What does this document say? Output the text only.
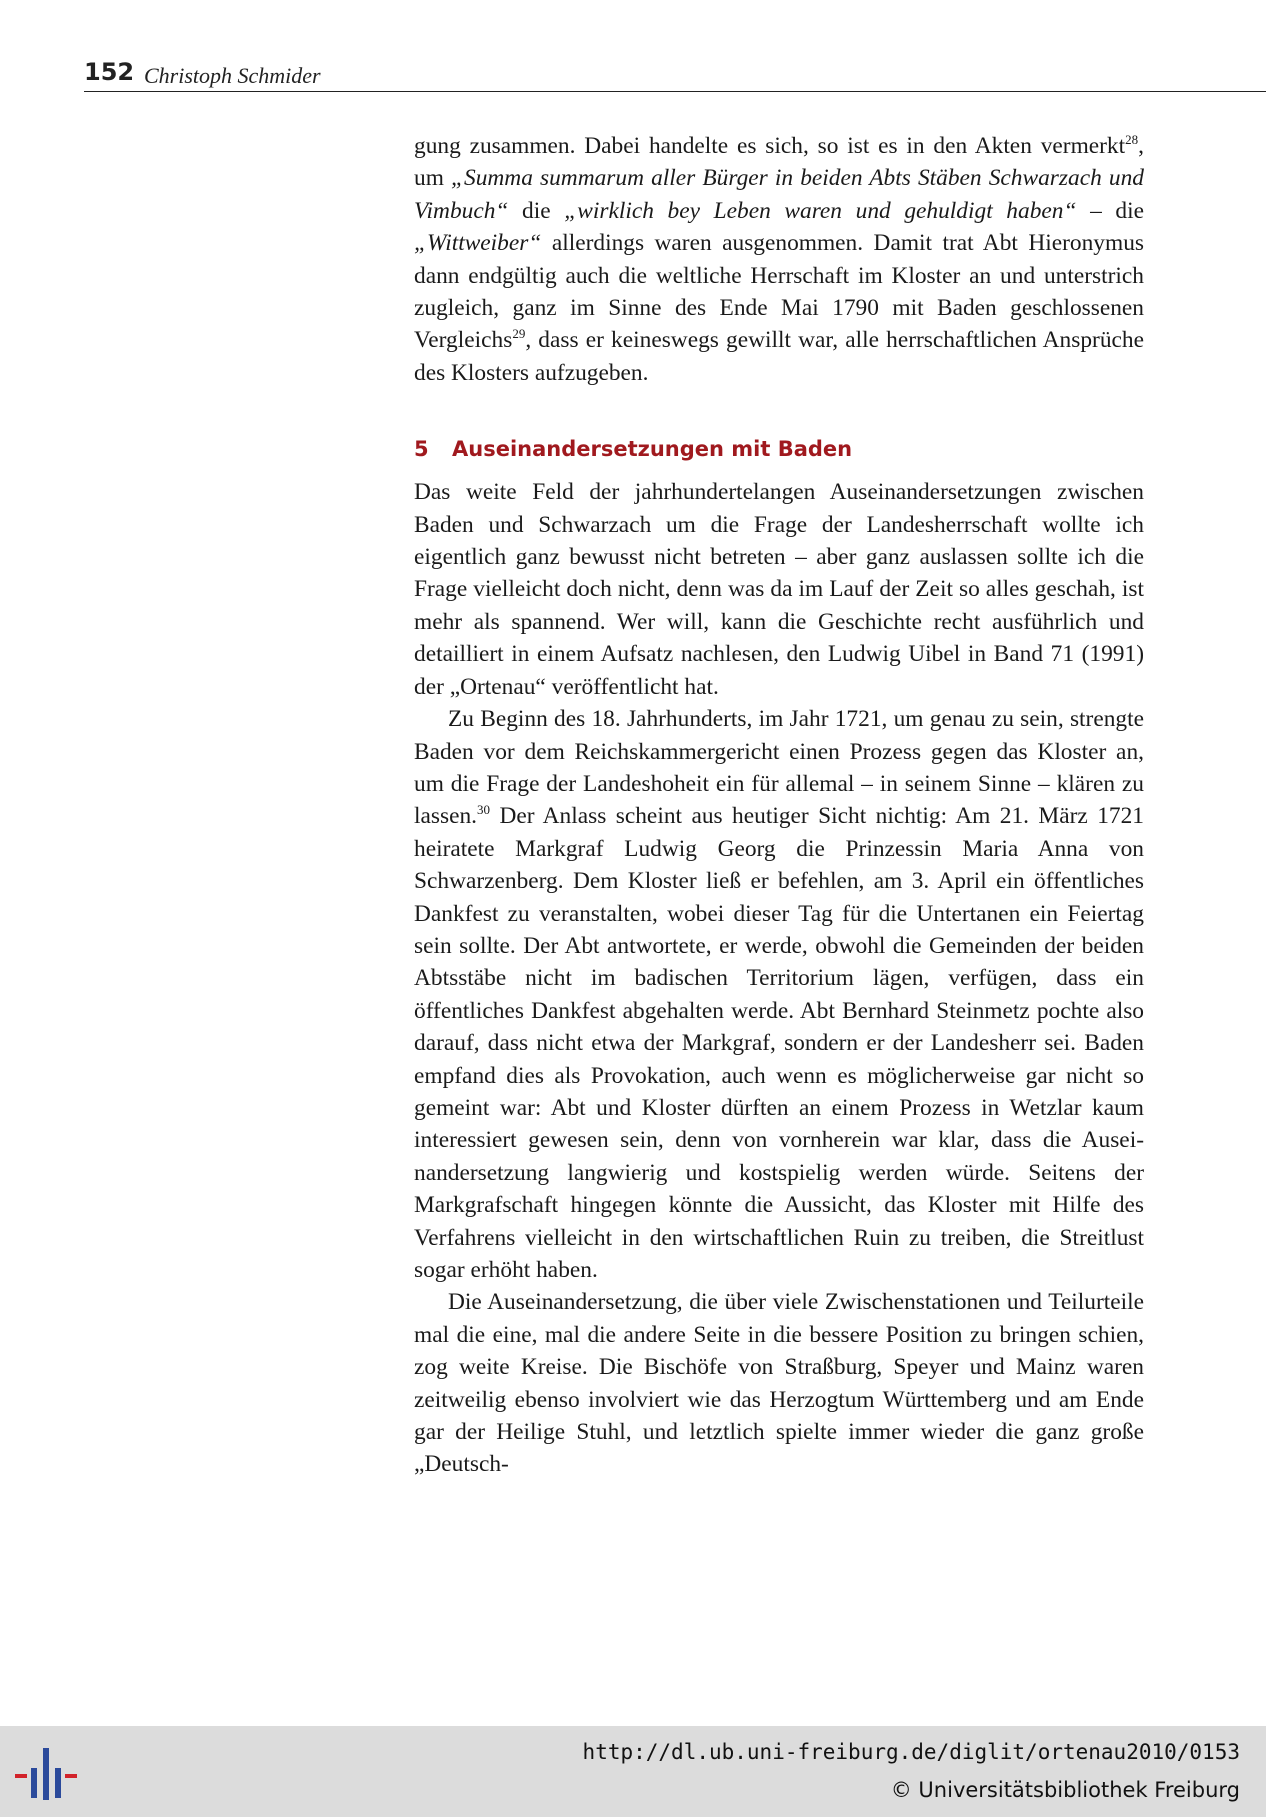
152 Christoph Schmider

gung zusammen. Dabei handelte es sich, so ist es in den Akten vermerkt$^{28}$, um „Summa summarum aller Bürger in beiden Abts Stäben Schwarzach und Vimbuch“ die „wirklich bey Leben waren und gehuldigt haben“ – die „Wittweiber“ allerdings waren ausgenommen. Damit trat Abt Hieronymus dann endgültig auch die weltliche Herrschaft im Kloster an und unterstrich zugleich, ganz im Sinne des Ende Mai 1790 mit Baden geschlossenen Vergleichs$^{29}$, dass er keineswegs gewillt war, alle herrschaftlichen Ansprüche des Klosters aufzugeben.

5 Auseinandersetzungen mit Baden

Das weite Feld der jahrhundertelangen Auseinandersetzungen zwischen Baden und Schwarzach um die Frage der Landesherrschaft wollte ich eigentlich ganz bewusst nicht betreten – aber ganz auslassen sollte ich die Frage vielleicht doch nicht, denn was da im Lauf der Zeit so alles geschah, ist mehr als spannend. Wer will, kann die Geschichte recht ausführlich und detailliert in einem Aufsatz nachlesen, den Ludwig Uibel in Band 71 (1991) der „Ortenau“ veröffentlicht hat.

Zu Beginn des 18. Jahrhunderts, im Jahr 1721, um genau zu sein, strengte Baden vor dem Reichskammergericht einen Prozess gegen das Kloster an, um die Frage der Landeshoheit ein für allemal – in seinem Sinne – klären zu lassen.$^{30}$ Der Anlass scheint aus heutiger Sicht nichtig: Am 21. März 1721 heiratete Markgraf Ludwig Georg die Prinzessin Maria Anna von Schwarzenberg. Dem Kloster ließ er befehlen, am 3. April ein öffentliches Dankfest zu veranstalten, wobei dieser Tag für die Untertanen ein Feiertag sein sollte. Der Abt antwortete, er werde, obwohl die Gemeinden der beiden Abtsstäbe nicht im badischen Territorium lägen, verfügen, dass ein öffentliches Dankfest abgehalten werde. Abt Bernhard Steinmetz pochte also darauf, dass nicht etwa der Markgraf, sondern er der Landesherr sei. Baden empfand dies als Provokation, auch wenn es möglicherweise gar nicht so gemeint war: Abt und Kloster dürften an einem Prozess in Wetzlar kaum interessiert gewesen sein, denn von vornherein war klar, dass die Auseinandersetzung langwierig und kostspielig werden würde. Seitens der Markgrafschaft hingegen könnte die Aussicht, das Kloster mit Hilfe des Verfahrens vielleicht in den wirtschaftlichen Ruin zu treiben, die Streitlust sogar erhöht haben.

Die Auseinandersetzung, die über viele Zwischenstationen und Teilurteile mal die eine, mal die andere Seite in die bessere Position zu bringen schien, zog weite Kreise. Die Bischöfe von Straßburg, Speyer und Mainz waren zeitweilig ebenso involviert wie das Herzogtum Württemberg und am Ende gar der Heilige Stuhl, und letztlich spielte immer wieder die ganz große „Deutsch-

http://dl.ub.uni-freiburg.de/diglit/ortenau2010/0153
© Universitätsbibliothek Freiburg
